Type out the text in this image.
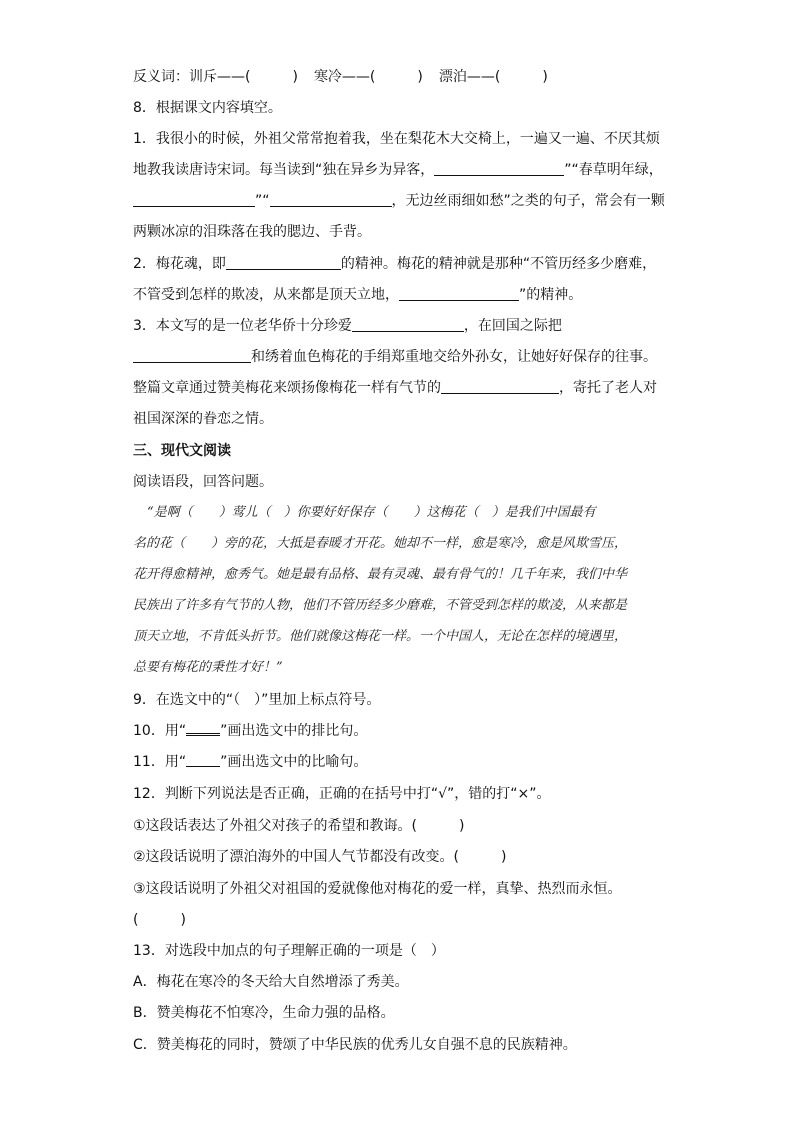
反义词：训斥——(	) 寒冷——(	) 漂泊——(	)
8．根据课文内容填空。
1．我很小的时候，外祖父常常抱着我，坐在梨花木大交椅上，一遍又一遍、不厌其烦
地教我读唐诗宋词。每当读到“独在异乡为异客，	”“春草明年绿，
”“	，无边丝雨细如愁”之类的句子，常会有一颗
两颗冰凉的泪珠落在我的腮边、手背。
2．梅花魂，即	的精神。梅花的精神就是那种“不管历经多少磨难，
不管受到怎样的欺凌，从来都是顶天立地，	”的精神。
3．本文写的是一位老华侨十分珍爱	，在回国之际把
和绣着血色梅花的手绢郑重地交给外孙女，让她好好保存的往事。
整篇文章通过赞美梅花来颂扬像梅花一样有气节的	，寄托了老人对
祖国深深的眷恋之情。
三、现代文阅读
阅读语段，回答问题。
“是啊（　　）莺儿（　）你要好好保存（　　）这梅花（　）是我们中国最有
名的花（　　）旁的花，大抵是春暖才开花。她却不一样，愈是寒冷，愈是风欺雪压，
花开得愈精神，愈秀气。她是最有品格、最有灵魂、最有骨气的！几千年来，我们中华
民族出了许多有气节的人物，他们不管历经多少磨难，不管受到怎样的欺凌，从来都是
顶天立地，不肯低头折节。他们就像这梅花一样。一个中国人，无论在怎样的境遇里，
总要有梅花的秉性才好！”
9．在选文中的“（　）”里加上标点符号。
10．用“ ”画出选文中的排比句。
11．用“ ”画出选文中的比喻句。
12．判断下列说法是否正确，正确的在括号中打“√”，错的打“×”。
①这段话表达了外祖父对孩子的希望和教诲。(　　　)
②这段话说明了漂泊海外的中国人气节都没有改变。(　　　)
③这段话说明了外祖父对祖国的爱就像他对梅花的爱一样，真挚、热烈而永恒。
(　　　)
13．对选段中加点的句子理解正确的一项是（　）
A．梅花在寒冷的冬天给大自然增添了秀美。
B．赞美梅花不怕寒冷，生命力强的品格。
C．赞美梅花的同时，赞颂了中华民族的优秀儿女自强不息的民族精神。
